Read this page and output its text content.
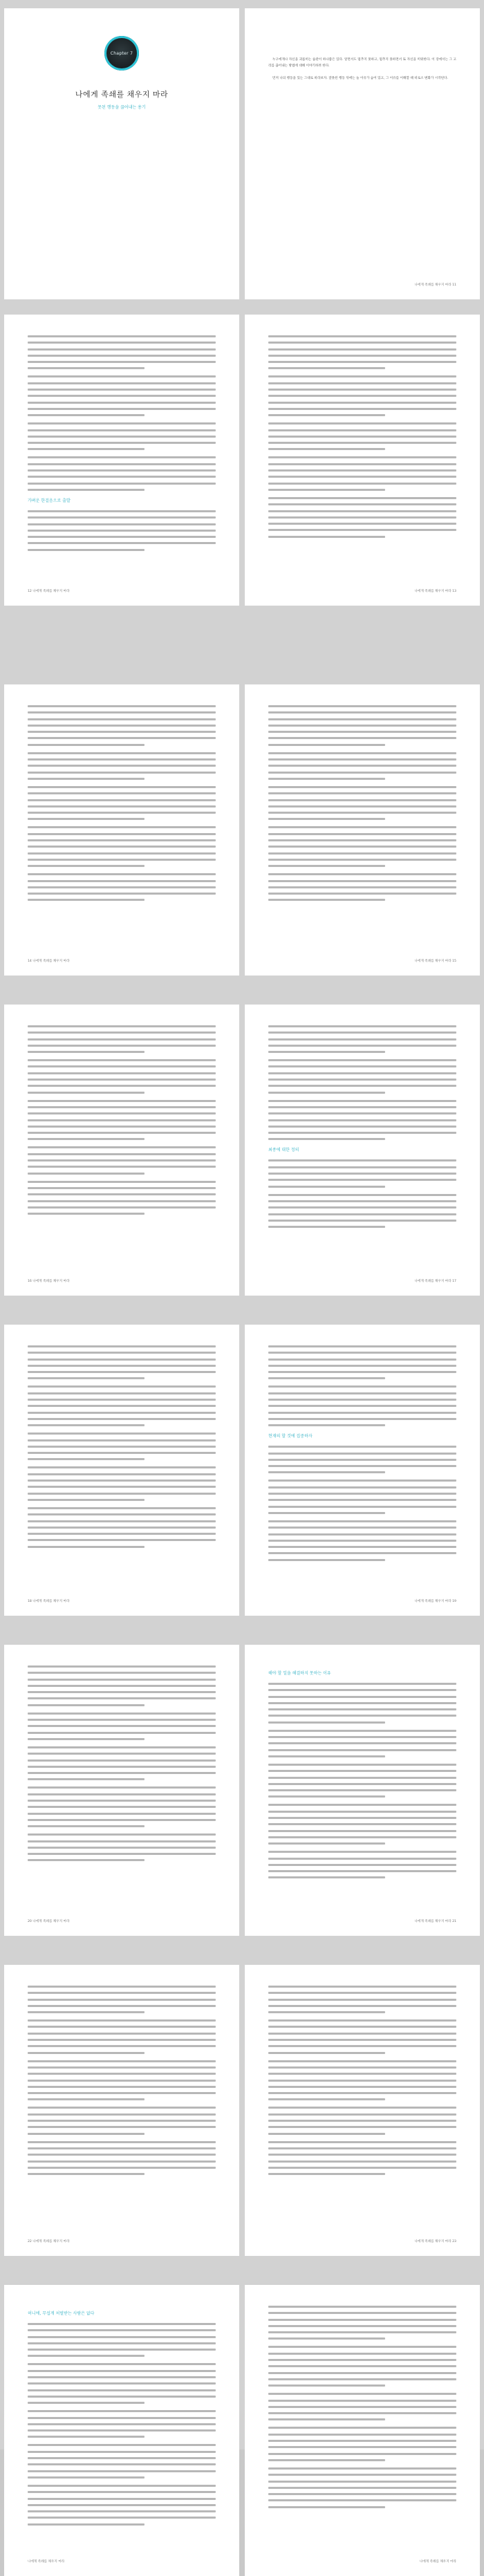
Chapter 7
나에게 족쇄를 채우지 마라
못된 행동을 끊어내는 용기

누구에게나 자신을 괴롭히는 습관이 하나쯤은 있다. 알면서도 멈추지 못하고, 멈추지 못하면서 또 자신을 미워한다. 이 장에서는 그 고리를 끊어내는 방법에 대해 이야기하려 한다.

먼저 나의 행동을 있는 그대로 바라보자. 잘못된 행동 뒤에는 늘 이유가 숨어 있고, 그 이유를 이해할 때 비로소 변화가 시작된다.

나에게 족쇄를 채우지 마라 11
가벼운 한걸음으로 출발
12 나에게 족쇄를 채우지 마라	나에게 족쇄를 채우지 마라 13
14 나에게 족쇄를 채우지 마라	나에게 족쇄를 채우지 마라 15
16 나에게 족쇄를 채우지 마라
최종에 대한 정의
나에게 족쇄를 채우지 마라 17
18 나에게 족쇄를 채우지 마라
현재의 할 것에 집중하자
나에게 족쇄를 채우지 마라 19
20 나에게 족쇄를 채우지 마라
해야 할 일을 해결하지 못하는 이유
나에게 족쇄를 채우지 마라 21
22 나에게 족쇄를 채우지 마라	나에게 족쇄를 채우지 마라 23
허니에, 무섭게 처벌받는 사람은 없다
나에게 족쇄를 채우지 마라	나에게 족쇄를 채우지 마라
